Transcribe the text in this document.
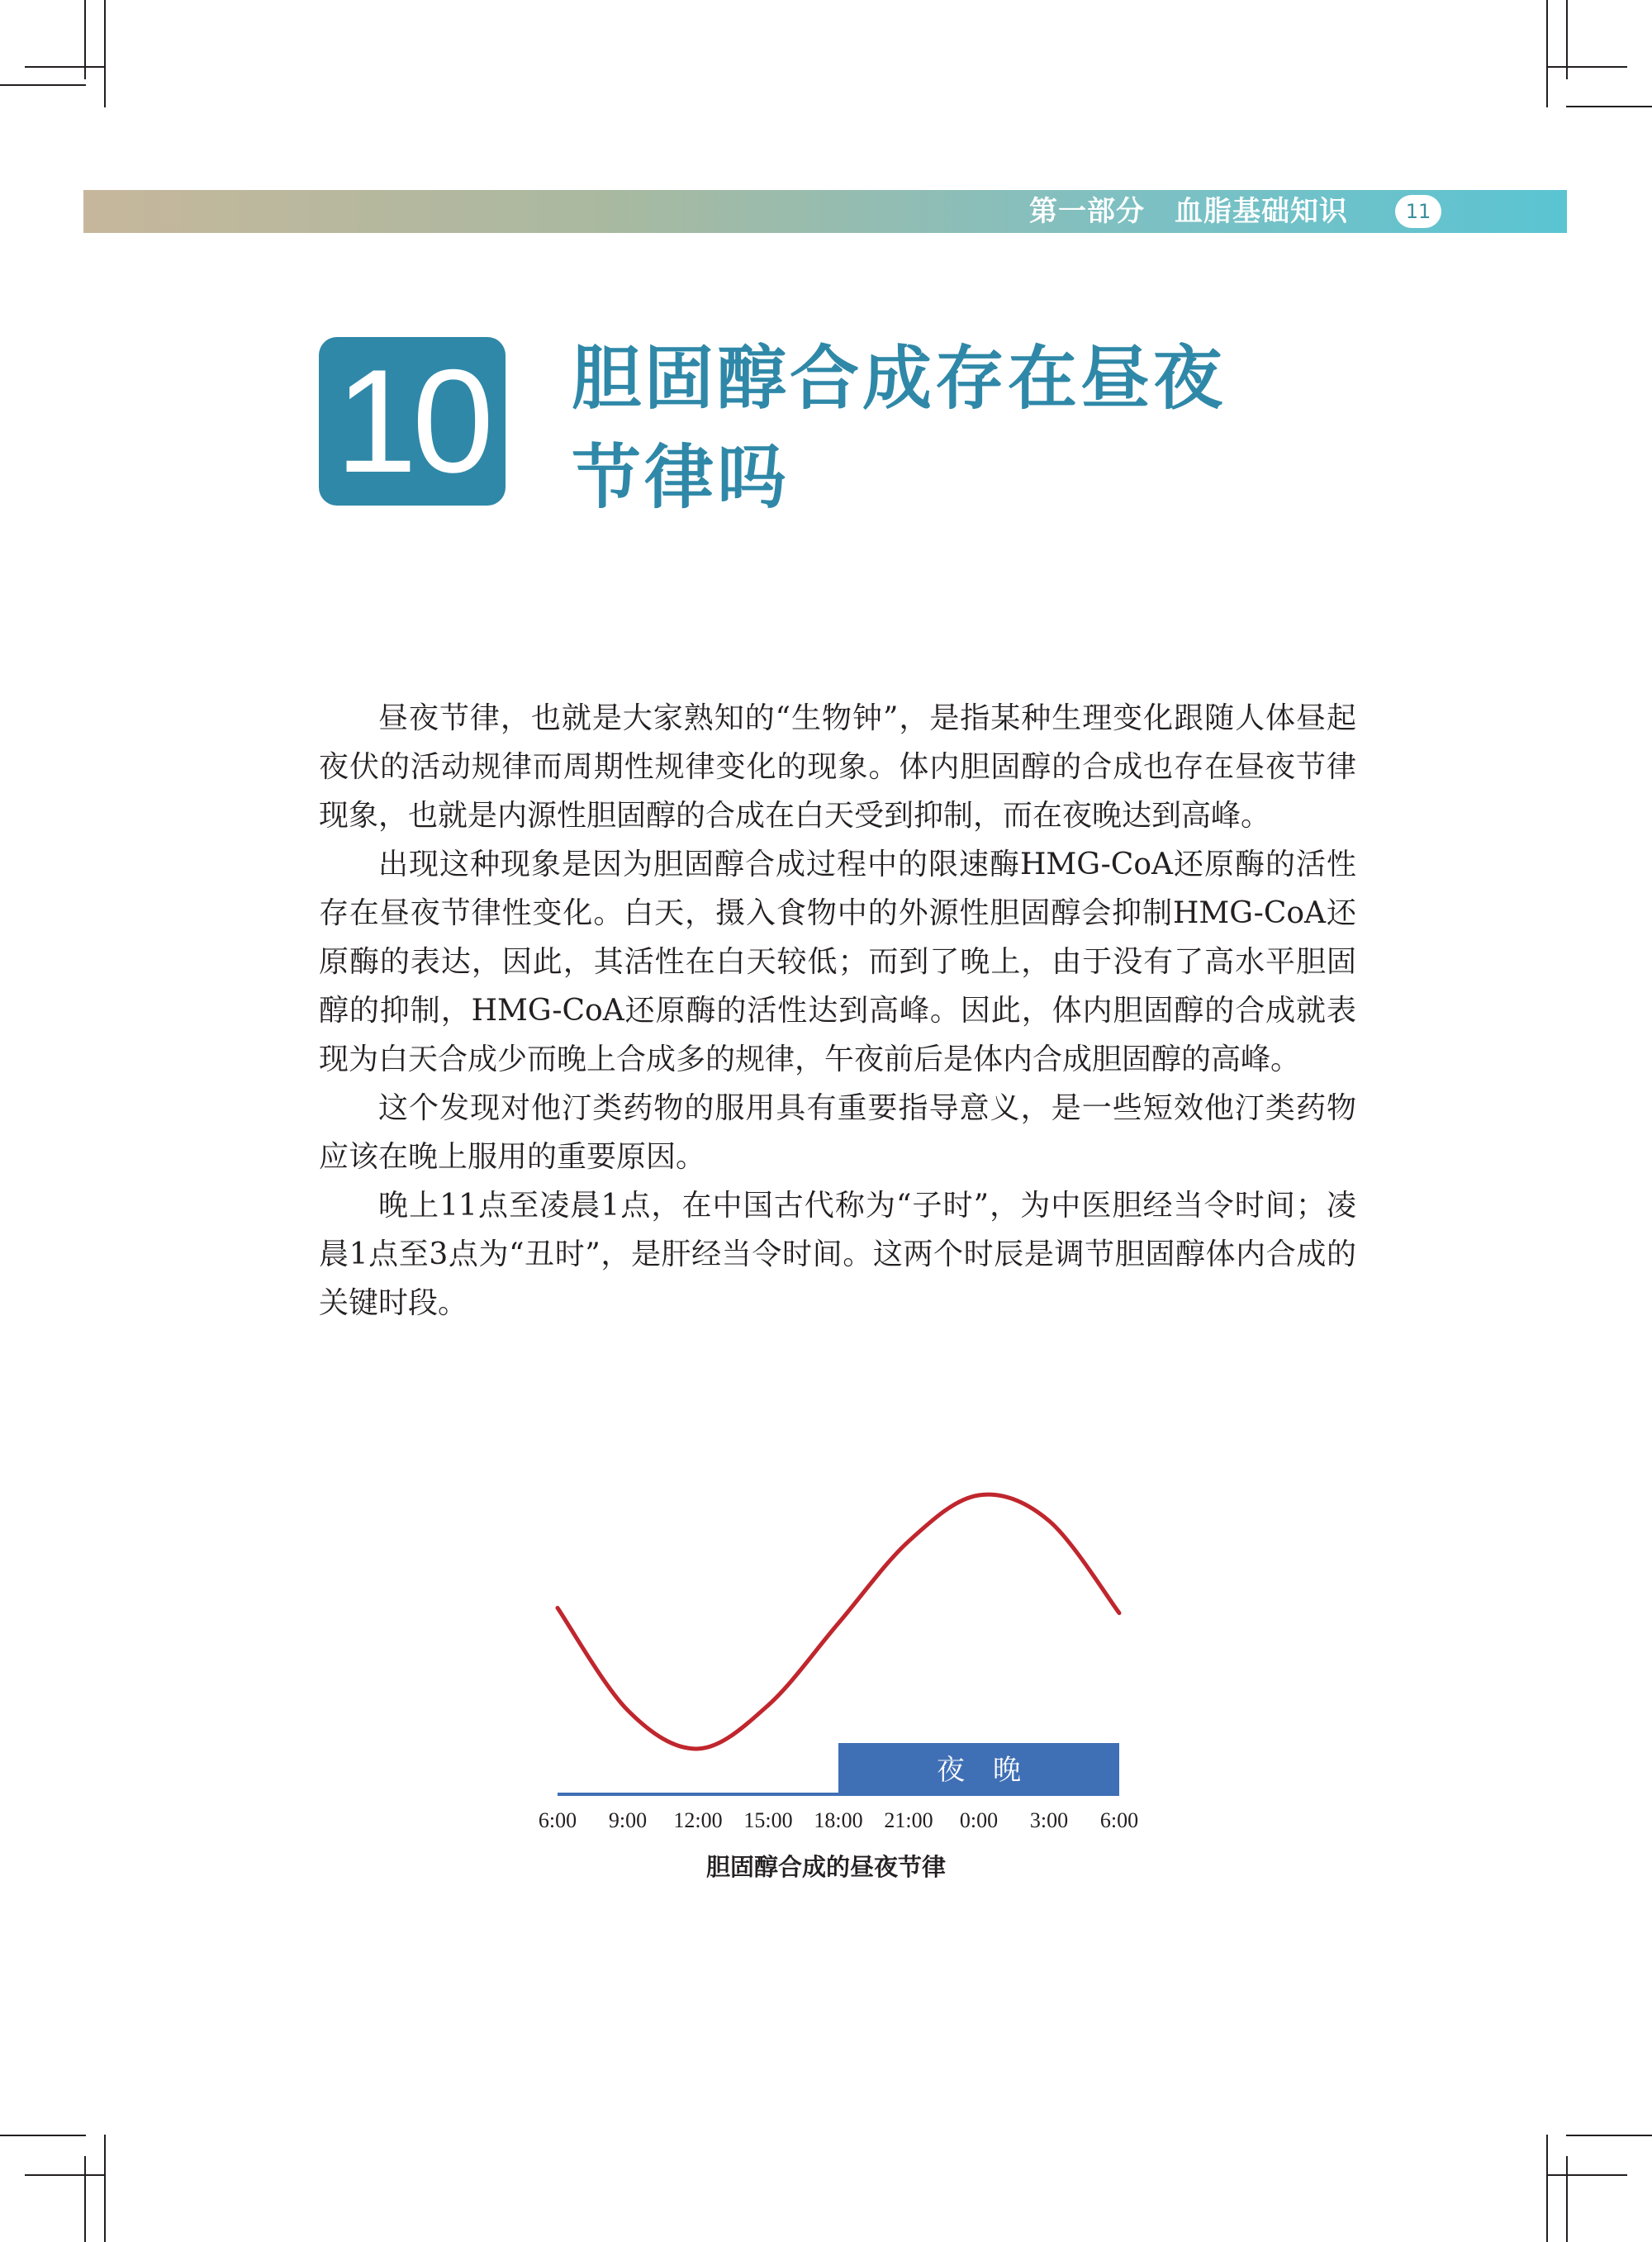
第一部分 血脂基础知识	11
10 胆固醇合成存在昼夜
节律吗

昼夜节律，也就是大家熟知的“生物钟”，是指某种生理变化跟随人体昼起夜伏的活动规律而周期性规律变化的现象。体内胆固醇的合成也存在昼夜节律现象，也就是内源性胆固醇的合成在白天受到抑制，而在夜晚达到高峰。

出现这种现象是因为胆固醇合成过程中的限速酶HMG-CoA还原酶的活性存在昼夜节律性变化。白天，摄入食物中的外源性胆固醇会抑制HMG-CoA还原酶的表达，因此，其活性在白天较低；而到了晚上，由于没有了高水平胆固醇的抑制，HMG-CoA还原酶的活性达到高峰。因此，体内胆固醇的合成就表现为白天合成少而晚上合成多的规律，午夜前后是体内合成胆固醇的高峰。

这个发现对他汀类药物的服用具有重要指导意义，是一些短效他汀类药物应该在晚上服用的重要原因。

晚上11点至凌晨1点，在中国古代称为“子时”，为中医胆经当令时间；凌晨1点至3点为“丑时”，是肝经当令时间。这两个时辰是调节胆固醇体内合成的关键时段。

夜　晚
6:00 9:00 12:00 15:00 18:00 21:00 0:00 3:00 6:00
胆固醇合成的昼夜节律
